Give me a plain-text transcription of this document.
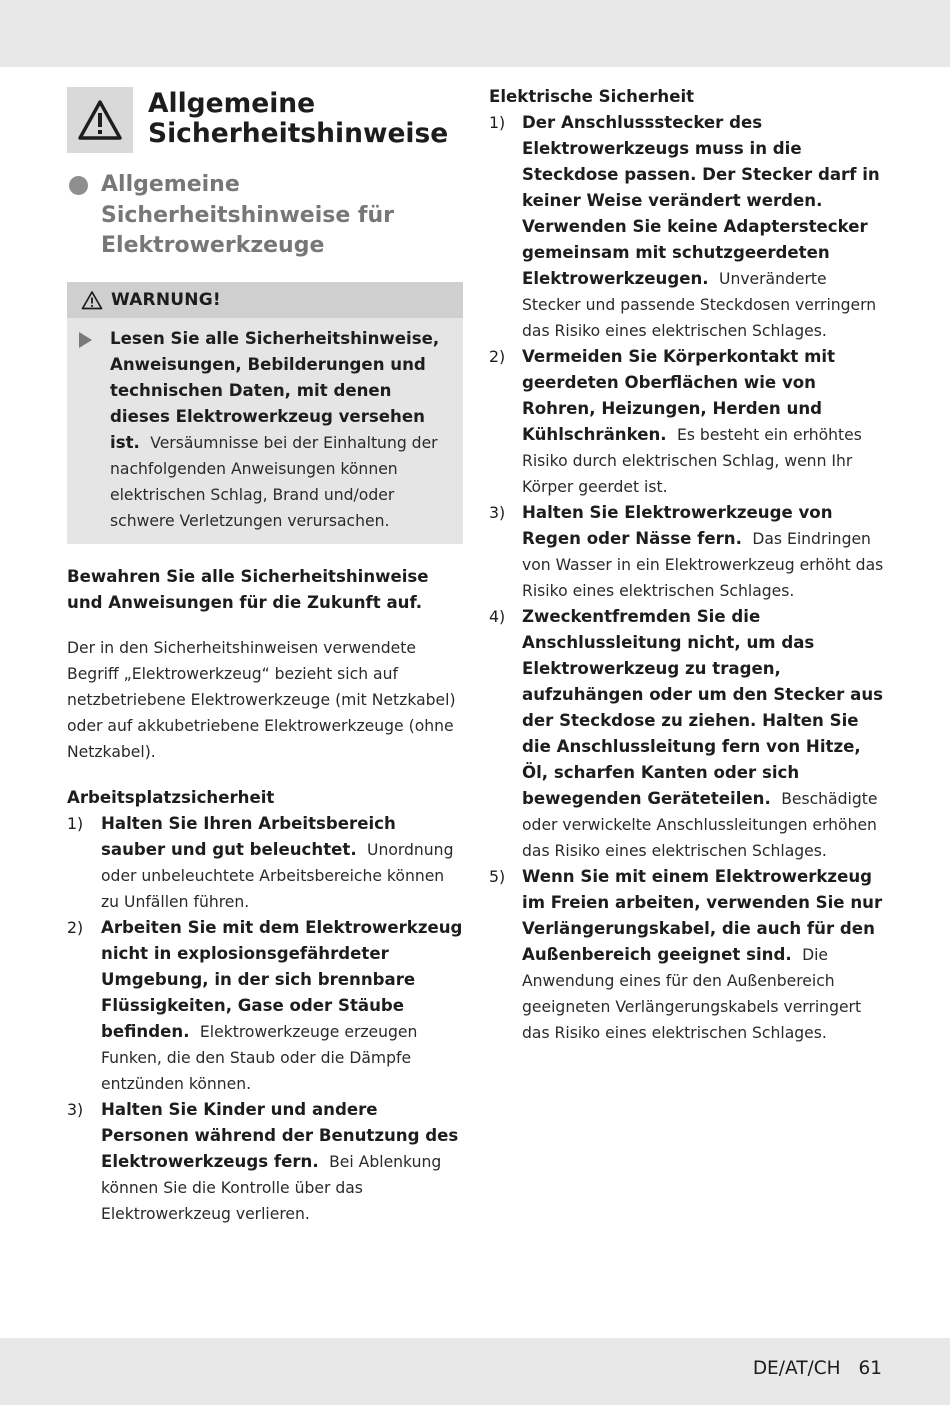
Allgemeine Sicherheitshinweise
Allgemeine Sicherheitshinweise für Elektrowerkzeuge
WARNUNG!
Lesen Sie alle Sicherheitshinweise, Anweisungen, Bebilderungen und technischen Daten, mit denen dieses Elektrowerkzeug versehen ist. Versäumnisse bei der Einhaltung der nachfolgenden Anweisungen können elektrischen Schlag, Brand und/oder schwere Verletzungen verursachen.

Bewahren Sie alle Sicherheitshinweise und Anweisungen für die Zukunft auf.

Der in den Sicherheitshinweisen verwendete Begriff „Elektrowerkzeug“ bezieht sich auf netzbetriebene Elektrowerkzeuge (mit Netzkabel) oder auf akkubetriebene Elektrowerkzeuge (ohne Netzkabel).

Arbeitsplatzsicherheit
1) Halten Sie Ihren Arbeitsbereich sauber und gut beleuchtet. Unordnung oder unbeleuchtete Arbeitsbereiche können zu Unfällen führen.
2) Arbeiten Sie mit dem Elektrowerkzeug nicht in explosionsgefährdeter Umgebung, in der sich brennbare Flüssigkeiten, Gase oder Stäube befinden. Elektrowerkzeuge erzeugen Funken, die den Staub oder die Dämpfe entzünden können.
3) Halten Sie Kinder und andere Personen während der Benutzung des Elektrowerkzeugs fern. Bei Ablenkung können Sie die Kontrolle über das Elektrowerkzeug verlieren.
Elektrische Sicherheit
1) Der Anschlussstecker des Elektrowerkzeugs muss in die Steckdose passen. Der Stecker darf in keiner Weise verändert werden. Verwenden Sie keine Adapterstecker gemeinsam mit schutzgeerdeten Elektrowerkzeugen. Unveränderte Stecker und passende Steckdosen verringern das Risiko eines elektrischen Schlages.
2) Vermeiden Sie Körperkontakt mit geerdeten Oberflächen wie von Rohren, Heizungen, Herden und Kühlschränken. Es besteht ein erhöhtes Risiko durch elektrischen Schlag, wenn Ihr Körper geerdet ist.
3) Halten Sie Elektrowerkzeuge von Regen oder Nässe fern. Das Eindringen von Wasser in ein Elektrowerkzeug erhöht das Risiko eines elektrischen Schlages.
4) Zweckentfremden Sie die Anschlussleitung nicht, um das Elektrowerkzeug zu tragen, aufzuhängen oder um den Stecker aus der Steckdose zu ziehen. Halten Sie die Anschlussleitung fern von Hitze, Öl, scharfen Kanten oder sich bewegenden Geräteteilen. Beschädigte oder verwickelte Anschlussleitungen erhöhen das Risiko eines elektrischen Schlages.
5) Wenn Sie mit einem Elektrowerkzeug im Freien arbeiten, verwenden Sie nur Verlängerungskabel, die auch für den Außenbereich geeignet sind. Die Anwendung eines für den Außenbereich geeigneten Verlängerungskabels verringert das Risiko eines elektrischen Schlages.
DE/AT/CH 61
